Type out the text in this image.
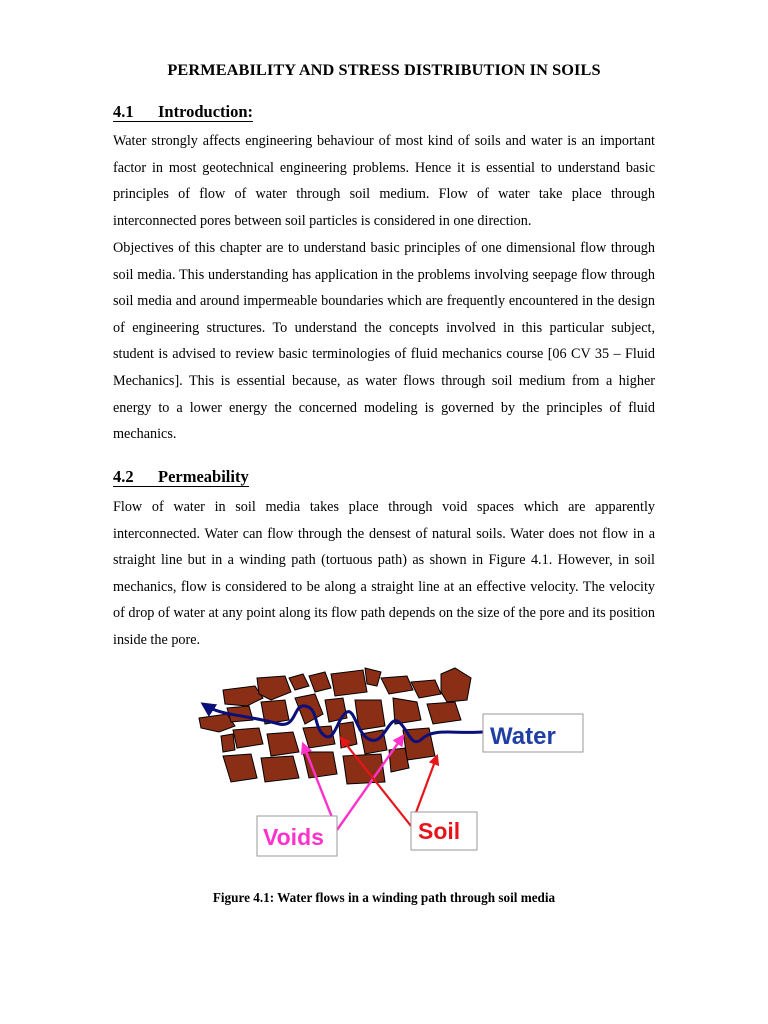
PERMEABILITY AND STRESS DISTRIBUTION IN SOILS
4.1	Introduction:

Water strongly affects engineering behaviour of most kind of soils and water is an important factor in most geotechnical engineering problems. Hence it is essential to understand basic principles of flow of water through soil medium. Flow of water take place through interconnected pores between soil particles is considered in one direction.

Objectives of this chapter are to understand basic principles of one dimensional flow through soil media. This understanding has application in the problems involving seepage flow through soil media and around impermeable boundaries which are frequently encountered in the design of engineering structures. To understand the concepts involved in this particular subject, student is advised to review basic terminologies of fluid mechanics course [06 CV 35 – Fluid Mechanics]. This is essential because, as water flows through soil medium from a higher energy to a lower energy the concerned modeling is governed by the principles of fluid mechanics.

4.2	Permeability

Flow of water in soil media takes place through void spaces which are apparently interconnected. Water can flow through the densest of natural soils. Water does not flow in a straight line but in a winding path (tortuous path) as shown in Figure 4.1. However, in soil mechanics, flow is considered to be along a straight line at an effective velocity. The velocity of drop of water at any point along its flow path depends on the size of the pore and its position inside the pore.

Water
Voids	Soil
Figure 4.1: Water flows in a winding path through soil media
